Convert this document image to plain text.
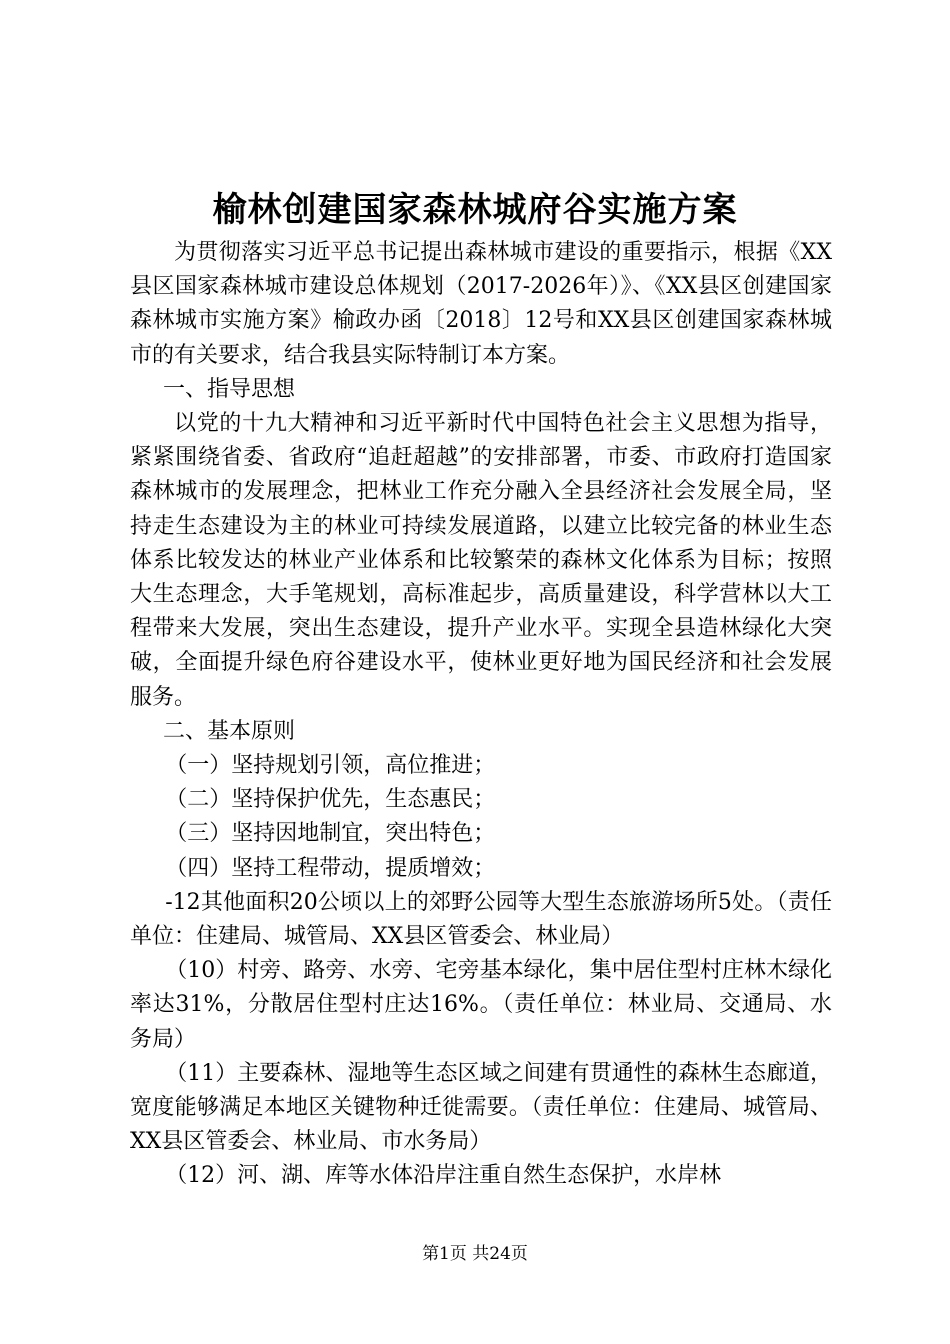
榆林创建国家森林城府谷实施方案

为贯彻落实习近平总书记提出森林城市建设的重要指示，根据《XX县区国家森林城市建设总体规划（2017-2026年）》、《XX县区创建国家森林城市实施方案》榆政办函〔2018〕12号和XX县区创建国家森林城市的有关要求，结合我县实际特制订本方案。

一、指导思想

以党的十九大精神和习近平新时代中国特色社会主义思想为指导，紧紧围绕省委、省政府“追赶超越”的安排部署，市委、市政府打造国家森林城市的发展理念，把林业工作充分融入全县经济社会发展全局，坚持走生态建设为主的林业可持续发展道路，以建立比较完备的林业生态体系比较发达的林业产业体系和比较繁荣的森林文化体系为目标；按照大生态理念，大手笔规划，高标准起步，高质量建设，科学营林以大工程带来大发展，突出生态建设，提升产业水平。实现全县造林绿化大突破，全面提升绿色府谷建设水平，使林业更好地为国民经济和社会发展服务。

二、基本原则

（一）坚持规划引领，高位推进；

（二）坚持保护优先，生态惠民；

（三）坚持因地制宜，突出特色；

（四）坚持工程带动，提质增效；

-12其他面积20公顷以上的郊野公园等大型生态旅游场所5处。（责任单位：住建局、城管局、XX县区管委会、林业局）

（10）村旁、路旁、水旁、宅旁基本绿化，集中居住型村庄林木绿化率达31%，分散居住型村庄达16%。（责任单位：林业局、交通局、水务局）

（11）主要森林、湿地等生态区域之间建有贯通性的森林生态廊道，宽度能够满足本地区关键物种迁徙需要。（责任单位：住建局、城管局、XX县区管委会、林业局、市水务局）

（12）河、湖、库等水体沿岸注重自然生态保护，水岸林

第1页 共24页
